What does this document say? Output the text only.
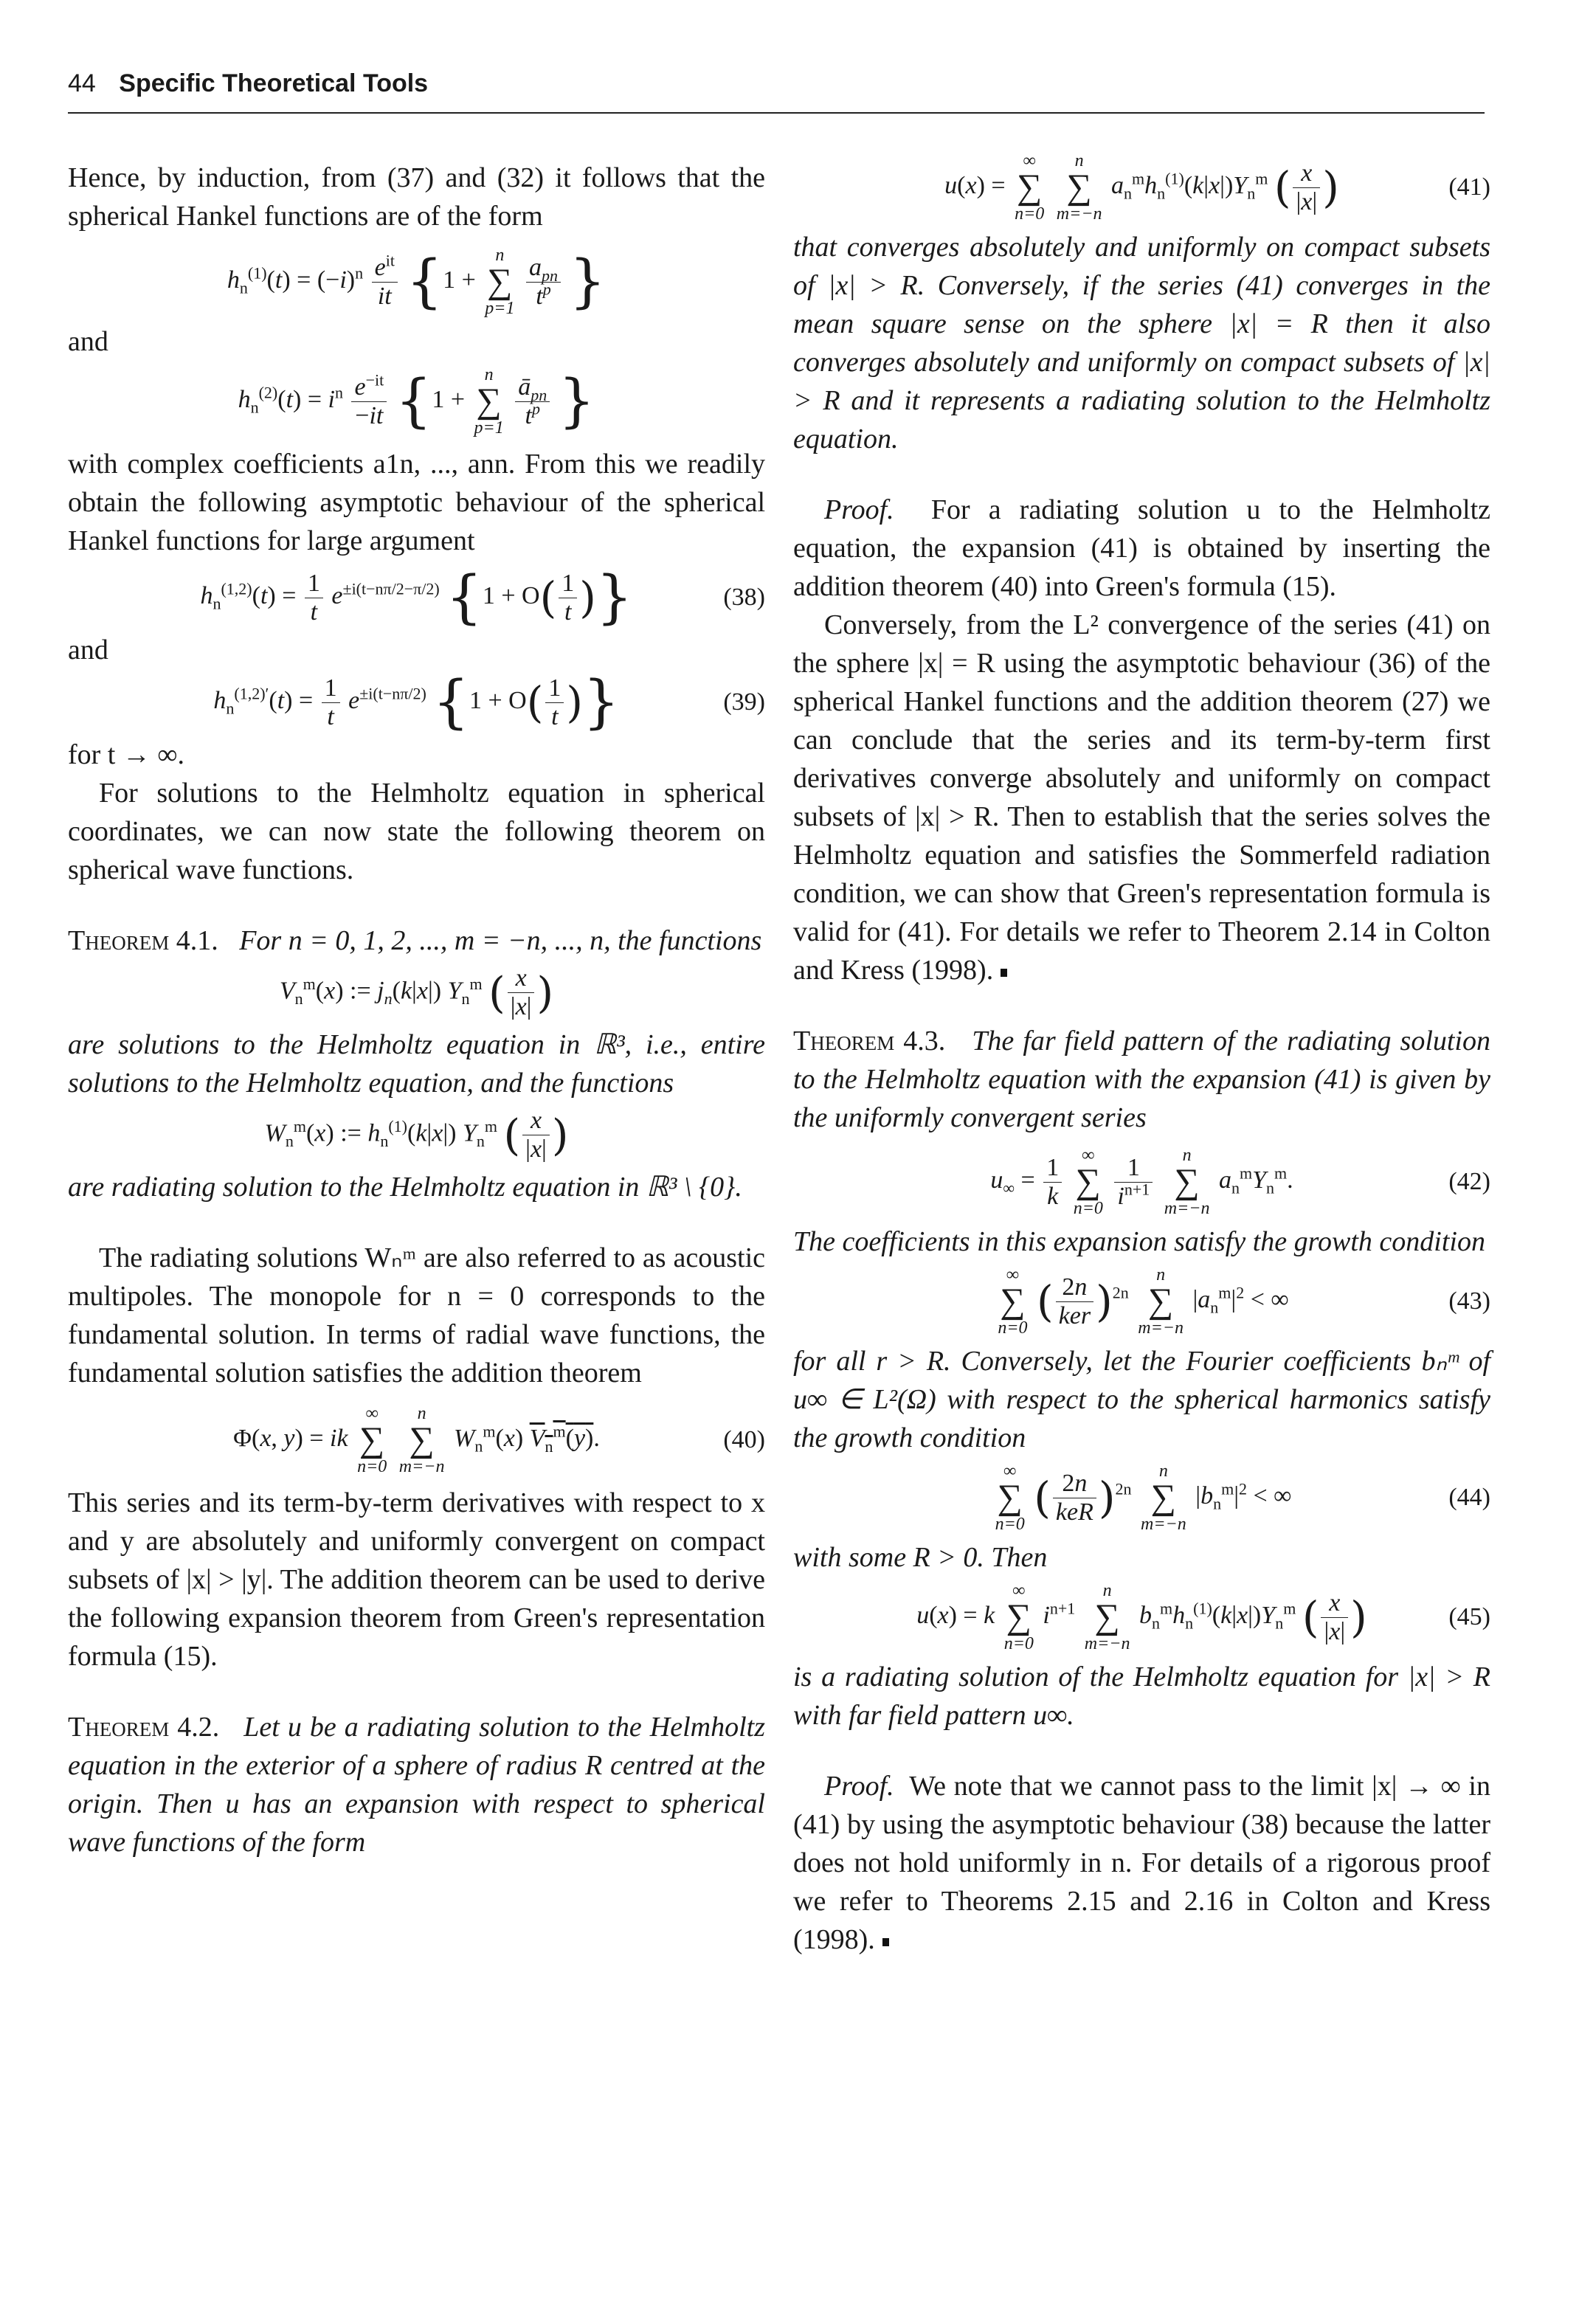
44 Specific Theoretical Tools

Hence, by induction, from (37) and (32) it follows that the spherical Hankel functions are of the form

$h_n^{(1)}(t) = (-i)^n \frac{e^{it}}{it} \{1$ +
n
∑
p=1
$\frac{a_{pn}}{t^p}$ }

and

$h_n^{(2)}(t) = i^n \frac{e^{-it}}{-it} \{1$ +
n
∑
p=1
$\frac{ā_{pn}}{t^p}$ }

with complex coefficients a1n, ..., ann. From this we readily obtain the following asymptotic behaviour of the spherical Hankel functions for large argument

$h_n^{(1,2)}(t) = \frac{1}{t} e^{\pm i(t-n\pi/2-\pi/2)}$ {$1 + O( \frac{1}{t}$ )}	(38)

and

$h_n^{(1,2)'}(t) = \frac{1}{t} e^{\pm i(t-n\pi/2)}$ {$1 + O( \frac{1}{t}$ )}	(39)

for t → ∞.

For solutions to the Helmholtz equation in spherical coordinates, we can now state the following theorem on spherical wave functions.

Theorem 4.1. For n = 0, 1, 2, ..., m = −n, ..., n, the functions

$V_n^m(x)$ := $j_n(k|x|)$ $Y_n^m$ ( $\frac{x}{|x|}$ )

are solutions to the Helmholtz equation in ℝ³, i.e., entire solutions to the Helmholtz equation, and the functions

$W_n^m(x)$ := $h_n^{(1)}(k|x|)$ $Y_n^m$ ( $\frac{x}{|x|}$ )

are radiating solution to the Helmholtz equation in ℝ³ \ {0}.

The radiating solutions Wₙᵐ are also referred to as acoustic multipoles. The monopole for n = 0 corresponds to the fundamental solution. In terms of radial wave functions, the fundamental solution satisfies the addition theorem

Φ(x, y) = ik
∞
∑
n=0

n
∑
m=−n
$W_n^m(x)$ $V_n^m(y)$.	(40)

This series and its term-by-term derivatives with respect to x and y are absolutely and uniformly convergent on compact subsets of |x| > |y|. The addition theorem can be used to derive the following expansion theorem from Green's representation formula (15).

Theorem 4.2. Let u be a radiating solution to the Helmholtz equation in the exterior of a sphere of radius R centred at the origin. Then u has an expansion with respect to spherical wave functions of the form

u(x) =
∞
∑
n=0

n
∑
m=−n
$a_n^mh_n^{(1)}(k|x|)Y_n^m$ ( $\frac{x}{|x|}$ )	(41)

that converges absolutely and uniformly on compact subsets of |x| > R. Conversely, if the series (41) converges in the mean square sense on the sphere |x| = R then it also converges absolutely and uniformly on compact subsets of |x| > R and it represents a radiating solution to the Helmholtz equation.

Proof. For a radiating solution u to the Helmholtz equation, the expansion (41) is obtained by inserting the addition theorem (40) into Green's formula (15).

Conversely, from the L² convergence of the series (41) on the sphere |x| = R using the asymptotic behaviour (36) of the spherical Hankel functions and the addition theorem (27) we can conclude that the series and its term-by-term first derivatives converge absolutely and uniformly on compact subsets of |x| > R. Then to establish that the series solves the Helmholtz equation and satisfies the Sommerfeld radiation condition, we can show that Green's representation formula is valid for (41). For details we refer to Theorem 2.14 in Colton and Kress (1998).

Theorem 4.3. The far field pattern of the radiating solution to the Helmholtz equation with the expansion (41) is given by the uniformly convergent series

$u_\infty = \frac{1}{k}$
	∞
∑
n=0
$\frac{1}{i^{n+1}}$
	n
∑
m=−n
$a_n^mY_n^m$.	(42)

The coefficients in this expansion satisfy the growth condition

∞
∑
n=0
( $\frac{2n}{\text{ker}} )^{2n}$
n
∑
m=−n
$|a_n^m|^2$ < ∞	(43)

for all r > R. Conversely, let the Fourier coefficients bₙᵐ of u∞ ∈ L²(Ω) with respect to the spherical harmonics satisfy the growth condition

∞
∑
n=0
( $\frac{2n}{\text{keR}} )^{2n}$
n
∑
m=−n
$|b_n^m|^2$ < ∞	(44)

with some R > 0. Then

u(x) = k
∞
∑
n=0
$i^{n+1}$
n
∑
m=−n
$b_n^mh_n^{(1)}(k|x|)Y_n^m$ ( $\frac{x}{|x|}$ )	(45)

is a radiating solution of the Helmholtz equation for |x| > R with far field pattern u∞.

Proof. We note that we cannot pass to the limit |x| → ∞ in (41) by using the asymptotic behaviour (38) because the latter does not hold uniformly in n. For details of a rigorous proof we refer to Theorems 2.15 and 2.16 in Colton and Kress (1998).
